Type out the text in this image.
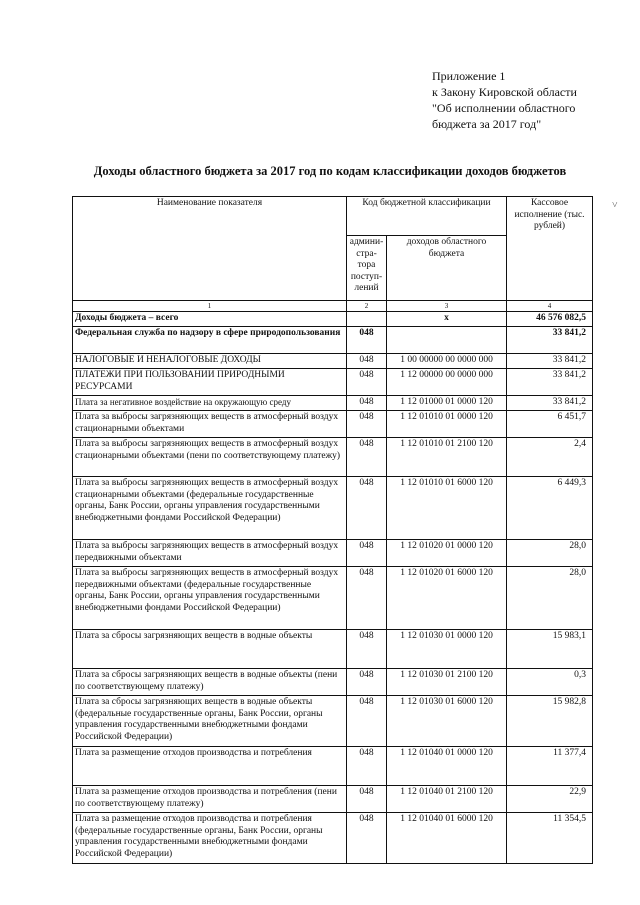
Приложение 1
к Закону Кировской области
"Об исполнении областного
бюджета за 2017 год"
Доходы областного бюджета за 2017 год по кодам классификации доходов бюджетов
Наименование показателя	Код бюджетной классификации		Кассовое исполнение (тыс. рублей)
	админи-стра-тора поступ-лений	доходов областного бюджета	
1	2	3	4
Доходы бюджета – всего		x	46 576 082,5
Федеральная служба по надзору в сфере природопользования	048		33 841,2
НАЛОГОВЫЕ И НЕНАЛОГОВЫЕ ДОХОДЫ	048	1 00 00000 00 0000 000	33 841,2
ПЛАТЕЖИ ПРИ ПОЛЬЗОВАНИИ ПРИРОДНЫМИ РЕСУРСАМИ	048	1 12 00000 00 0000 000	33 841,2
Плата за негативное воздействие на окружающую среду	048	1 12 01000 01 0000 120	33 841,2
Плата за выбросы загрязняющих веществ в атмосферный воздух стационарными объектами	048	1 12 01010 01 0000 120	6 451,7
Плата за выбросы загрязняющих веществ в атмосферный воздух стационарными объектами (пени по соответствующему платежу)	048	1 12 01010 01 2100 120	2,4
Плата за выбросы загрязняющих веществ в атмосферный воздух стационарными объектами (федеральные государственные органы, Банк России, органы управления государственными внебюджетными фондами Российской Федерации)	048	1 12 01010 01 6000 120	6 449,3
Плата за выбросы загрязняющих веществ в атмосферный воздух передвижными объектами	048	1 12 01020 01 0000 120	28,0
Плата за выбросы загрязняющих веществ в атмосферный воздух передвижными объектами (федеральные государственные органы, Банк России, органы управления государственными внебюджетными фондами Российской Федерации)	048	1 12 01020 01 6000 120	28,0
Плата за сбросы загрязняющих веществ в водные объекты	048	1 12 01030 01 0000 120	15 983,1
Плата за сбросы загрязняющих веществ в водные объекты (пени по соответствующему платежу)	048	1 12 01030 01 2100 120	0,3
Плата за сбросы загрязняющих веществ в водные объекты (федеральные государственные органы, Банк России, органы управления государственными внебюджетными фондами Российской Федерации)	048	1 12 01030 01 6000 120	15 982,8
Плата за размещение отходов производства и потребления	048	1 12 01040 01 0000 120	11 377,4
Плата за размещение отходов производства и потребления (пени по соответствующему платежу)	048	1 12 01040 01 2100 120	22,9
Плата за размещение отходов производства и потребления (федеральные государственные органы, Банк России, органы управления государственными внебюджетными фондами Российской Федерации)	048	1 12 01040 01 6000 120	11 354,5
˅
